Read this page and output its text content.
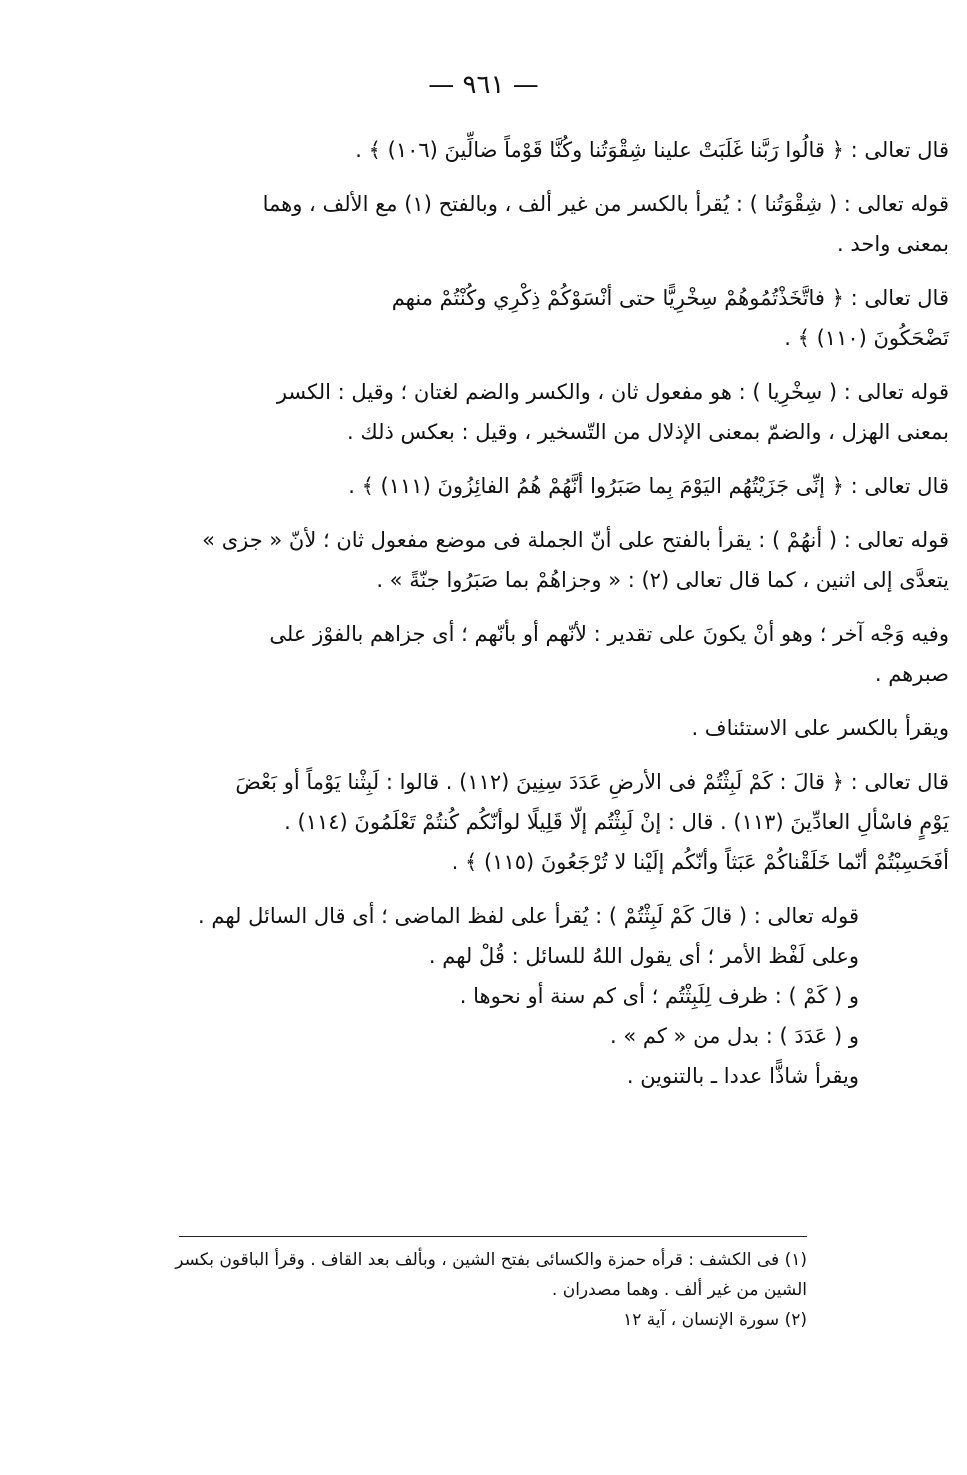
— ٩٦١ —
قال تعالى : ﴿ قالُوا رَبَّنا غَلَبَتْ علينا شِقْوَتُنا وكُنَّا قَوْماً ضالِّينَ (١٠٦) ﴾ .
قوله تعالى : ( شِقْوَتُنا ) : يُقرأ بالكسر من غير ألف ، وبالفتح (١) مع الألف ، وهما
بمعنى واحد .
قال تعالى : ﴿ فاتَّخَذْتُمُوهُمْ سِخْرِيًّا حتى أنْسَوْكُمْ ذِكْرِي وكُنْتُمْ منهم
تَضْحَكُونَ (١١٠) ﴾ .
قوله تعالى : ( سِخْرِيا ) : هو مفعول ثان ، والكسر والضم لغتان ؛ وقيل : الكسر
بمعنى الهزل ، والضمّ بمعنى الإذلال من التّسخير ، وقيل : بعكس ذلك .
قال تعالى : ﴿ إنِّى جَزَيْتُهُم اليَوْمَ بِما صَبَرُوا أنَّهُمْ هُمُ الفائِزُونَ (١١١) ﴾ .
قوله تعالى : ( أنهُمْ ) : يقرأ بالفتح على أنّ الجملة فى موضع مفعول ثان ؛ لأنّ « جزى »
يتعدَّى إلى اثنين ، كما قال تعالى (٢) : « وجزاهُمْ بما صَبَرُوا جنّةً » .
وفيه وَجْه آخر ؛ وهو أنْ يكونَ على تقدير : لأنّهم أو بأنّهم ؛ أى جزاهم بالفوْز على
صبرهم .
ويقرأ بالكسر على الاستئناف .
قال تعالى : ﴿ قالَ : كَمْ لَبِثْتُمْ فى الأرضِ عَدَدَ سِنِينَ (١١٢) . قالوا : لَبِثْنا يَوْماً أو بَعْضَ
يَوْمٍ فاسْألِ العادِّينَ (١١٣) . قال : إنْ لَبِثْتُم إلّا قَلِيلًا لوأنّكُم كُنتُمْ تَعْلَمُونَ (١١٤) .
أفَحَسِبْتُمْ أنّما خَلَقْناكُمْ عَبَثاً وأنّكُم إلَيْنا لا تُرْجَعُونَ (١١٥) ﴾ .
قوله تعالى : ( قالَ كَمْ لَبِثْتُمْ ) : يُقرأ على لفظ الماضى ؛ أى قال السائل لهم .
وعلى لَفْظ الأمر ؛ أى يقول اللهُ للسائل : قُلْ لهم .
و ( كَمْ ) : ظرف لِلَبِثْتُم ؛ أى كم سنة أو نحوها .
و ( عَدَدَ ) : بدل من « كم » .
ويقرأ شاذًّا عددا ـ بالتنوين .

(١) فى الكشف : قرأه حمزة والكسائى بفتح الشين ، وبألف بعد القاف . وقرأ الباقون بكسر

الشين من غير ألف . وهما مصدران .

(٢) سورة الإنسان ، آية ١٢
